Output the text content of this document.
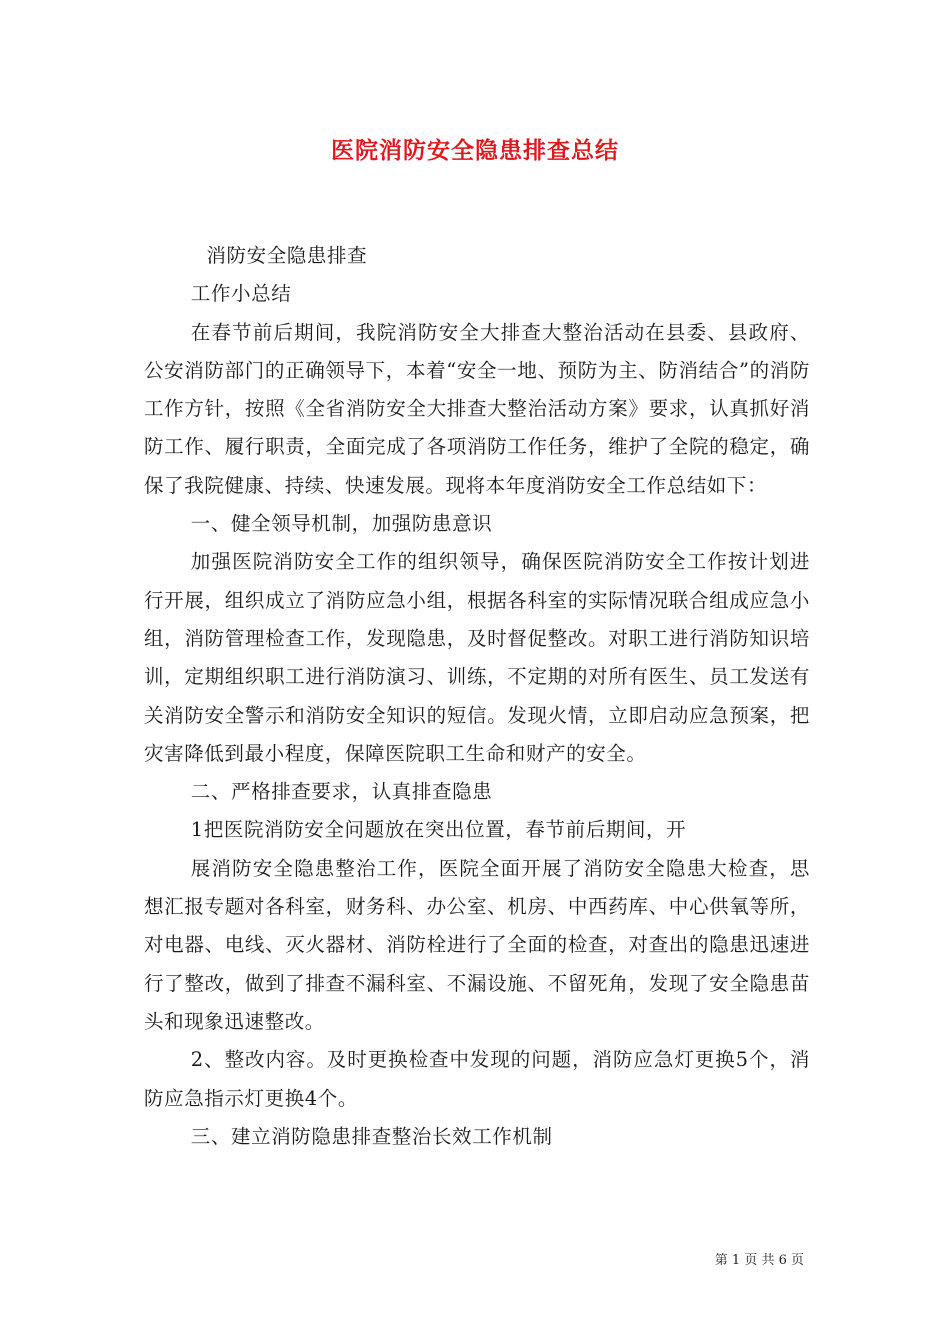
医院消防安全隐患排查总结

消防安全隐患排查

工作小总结

在春节前后期间，我院消防安全大排查大整治活动在县委、县政府、公安消防部门的正确领导下，本着“安全一地、预防为主、防消结合”的消防工作方针，按照《全省消防安全大排查大整治活动方案》要求，认真抓好消防工作、履行职责，全面完成了各项消防工作任务，维护了全院的稳定，确保了我院健康、持续、快速发展。现将本年度消防安全工作总结如下：

一、健全领导机制，加强防患意识

加强医院消防安全工作的组织领导，确保医院消防安全工作按计划进行开展，组织成立了消防应急小组，根据各科室的实际情况联合组成应急小组，消防管理检查工作，发现隐患，及时督促整改。对职工进行消防知识培训，定期组织职工进行消防演习、训练，不定期的对所有医生、员工发送有关消防安全警示和消防安全知识的短信。发现火情，立即启动应急预案，把灾害降低到最小程度，保障医院职工生命和财产的安全。

二、严格排查要求，认真排查隐患

1把医院消防安全问题放在突出位置，春节前后期间，开

展消防安全隐患整治工作，医院全面开展了消防安全隐患大检查，思想汇报专题对各科室，财务科、办公室、机房、中西药库、中心供氧等所，对电器、电线、灭火器材、消防栓进行了全面的检查，对查出的隐患迅速进行了整改，做到了排查不漏科室、不漏设施、不留死角，发现了安全隐患苗头和现象迅速整改。

2、整改内容。及时更换检查中发现的问题，消防应急灯更换5个，消防应急指示灯更换4个。

三、建立消防隐患排查整治长效工作机制

第 1 页 共 6 页
